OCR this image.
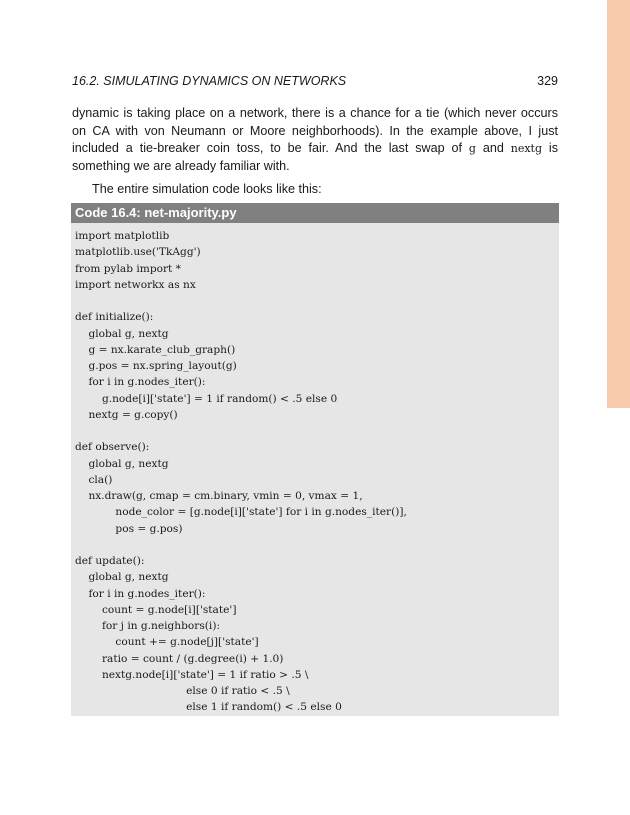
16.2. SIMULATING DYNAMICS ON NETWORKS	329

dynamic is taking place on a network, there is a chance for a tie (which never occurs on CA with von Neumann or Moore neighborhoods). In the example above, I just included a tie-breaker coin toss, to be fair. And the last swap of g and nextg is something we are already familiar with.

The entire simulation code looks like this:

Code 16.4: net-majority.py
import matplotlib
matplotlib.use('TkAgg')
from pylab import *
import networkx as nx
def initialize():
global g, nextg
g = nx.karate_club_graph()
g.pos = nx.spring_layout(g)
for i in g.nodes_iter():
g.node[i]['state'] = 1 if random() < .5 else 0
nextg = g.copy()
def observe():
global g, nextg
cla()
nx.draw(g, cmap = cm.binary, vmin = 0, vmax = 1,
node_color = [g.node[i]['state'] for i in g.nodes_iter()],
pos = g.pos)
def update():
global g, nextg
for i in g.nodes_iter():
count = g.node[i]['state']
for j in g.neighbors(i):
count += g.node[j]['state']
ratio = count / (g.degree(i) + 1.0)
nextg.node[i]['state'] = 1 if ratio > .5 \
else 0 if ratio < .5 \
else 1 if random() < .5 else 0
